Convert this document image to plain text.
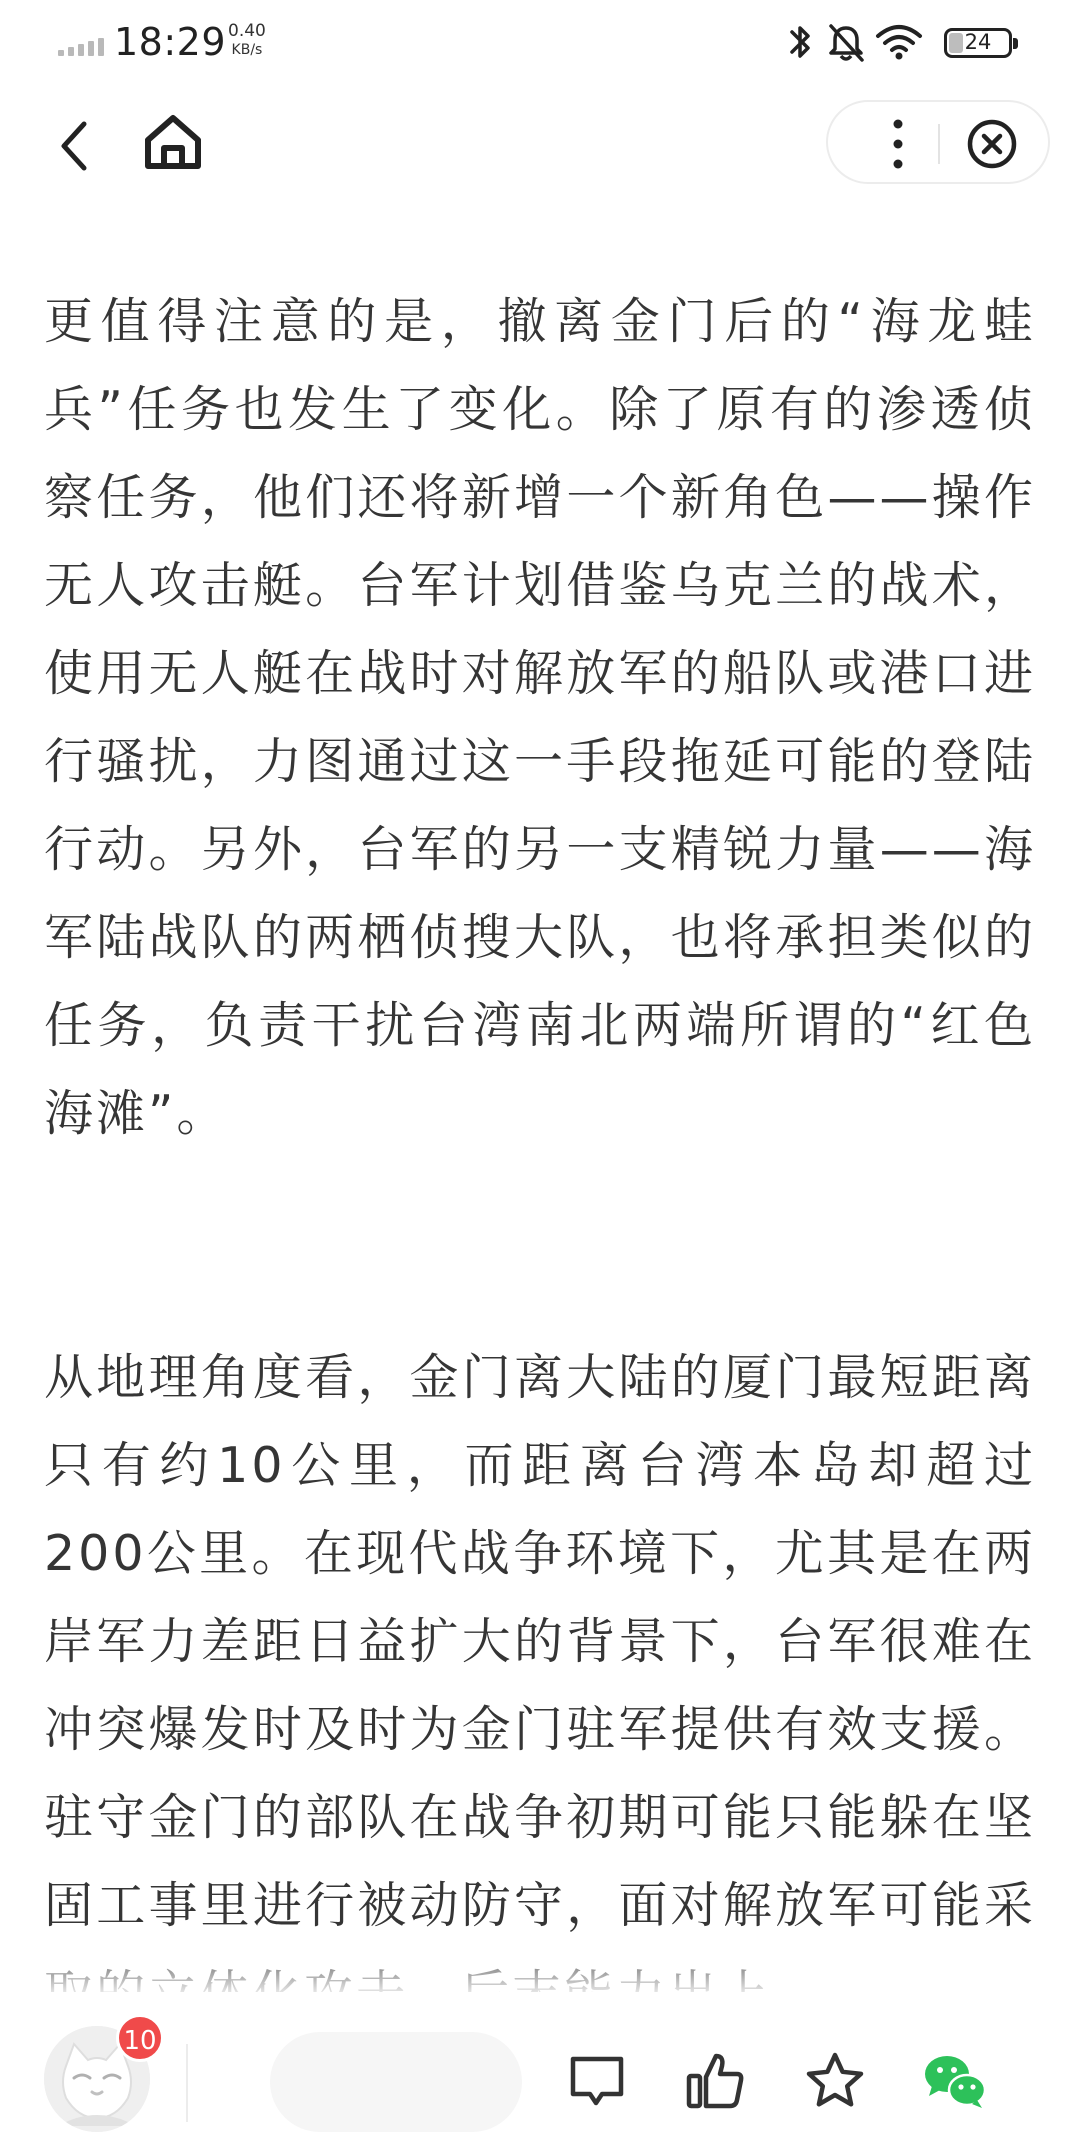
18:29 0.40
KB/s	24

更值得注意的是，撤离金门后的“海龙蛙兵”任务也发生了变化。除了原有的渗透侦察任务，他们还将新增一个新角色——操作无人攻击艇。台军计划借鉴乌克兰的战术，使用无人艇在战时对解放军的船队或港口进行骚扰，力图通过这一手段拖延可能的登陆行动。另外，台军的另一支精锐力量——海军陆战队的两栖侦搜大队，也将承担类似的任务，负责干扰台湾南北两端所谓的“红色海滩”。

从地理角度看，金门离大陆的厦门最短距离只有约10公里，而距离台湾本岛却超过200公里。在现代战争环境下，尤其是在两岸军力差距日益扩大的背景下，台军很难在冲突爆发时及时为金门驻军提供有效支援。驻守金门的部队在战争初期可能只能躲在坚固工事里进行被动防守，面对解放军可能采

10
